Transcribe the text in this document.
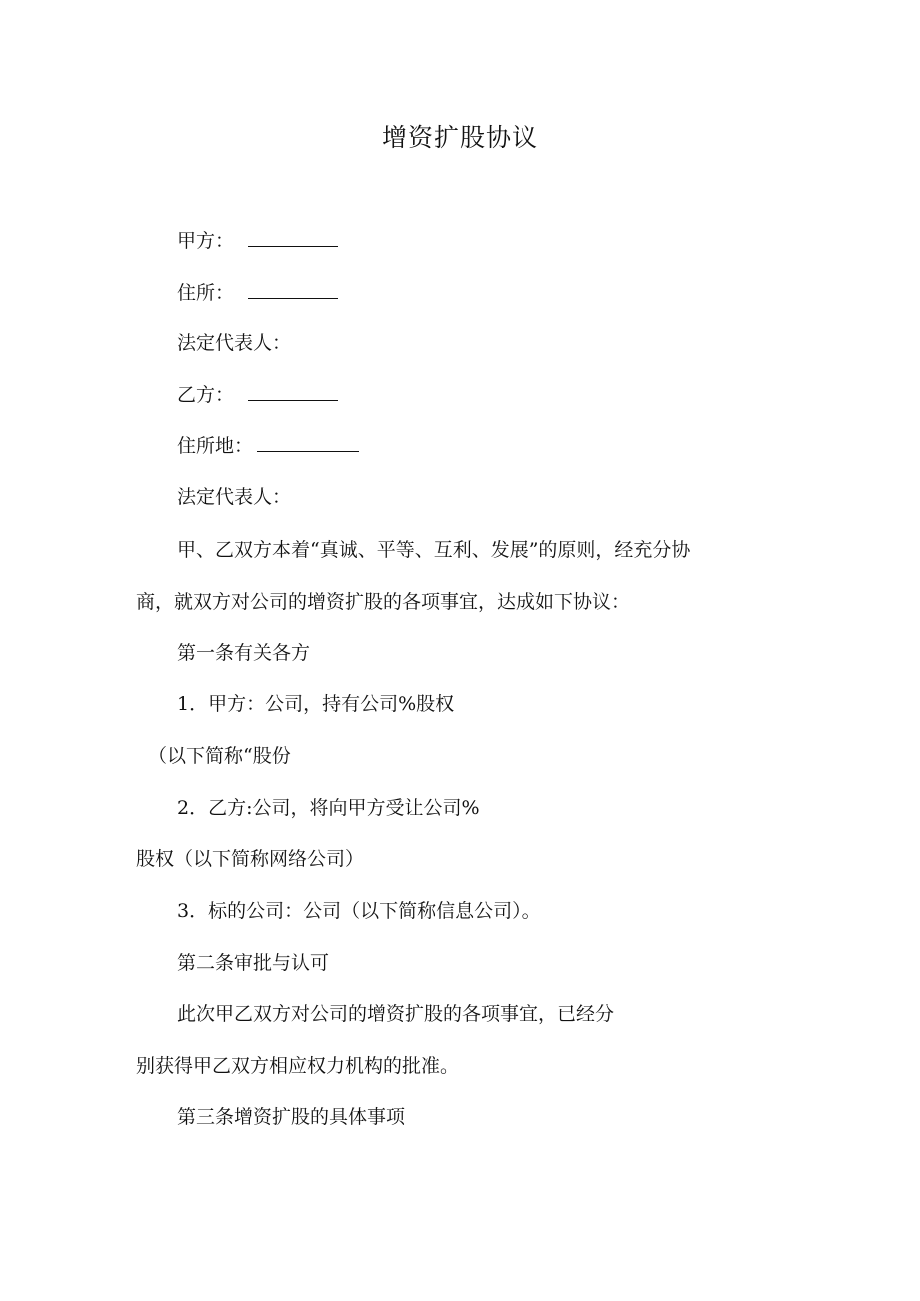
增资扩股协议
甲方：
住所：
法定代表人：
乙方：
住所地：
法定代表人：
甲、乙双方本着“真诚、平等、互利、发展”的原则，经充分协
商，就双方对公司的增资扩股的各项事宜，达成如下协议：
第一条有关各方
1．甲方：公司，持有公司%股权
（以下简称“股份
2．乙方:公司，将向甲方受让公司%
股权（以下简称网络公司）
3．标的公司：公司（以下简称信息公司）。
第二条审批与认可
此次甲乙双方对公司的增资扩股的各项事宜，已经分
别获得甲乙双方相应权力机构的批准。
第三条增资扩股的具体事项
